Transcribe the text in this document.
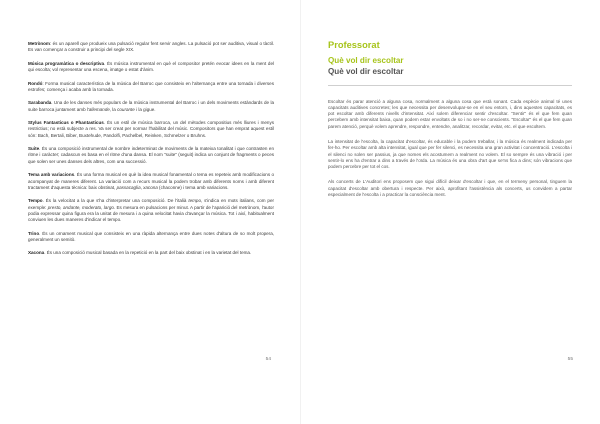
Metrònom: és un aparell que produeix una pulsació regular fent servir angles. La pulsació pot ser auditiva, visual o tàctil. Es van començar a construir a principi del segle XIX.

Música programàtica o descriptiva. És música instrumental en què el compositor pretén evocar idees en la ment del qui escolta; vol representar una escena, imatge o estat d'ànim.

Rondó: Forma musical característica de la música del Barroc que consisteix en l'alternança entre una tornada i diverses estrofes; comença i acaba amb la tornada.

Sarabanda. Una de les danses més populars de la música instrumental del Barroc i un dels moviments estàndards de la suite barroca juntament amb l'allemande, la courante i la gigue.

Stylus Fantasticus o Phantasticus. És un estil de música barroca, un del mètodes compositius més lliures i menys restrictius; no està subjecte a res. Va ser creat per normar l'habilitat del músic. Compositors que han emprat aquest estil són: Bach, Bertali, Biber, Buxtehude, Pandolfi, Pachelbel, Reinken, Schmelzer o Bruhns.

Suite. És una composició instrumental de nombre indeterminat de moviments de la mateixa tonalitat i que contrasten en ritme i caràcter; cadascun es basa en el ritme d'una dansa. El nom "suite" (seguit) indica un conjunt de fragments o peces que solen ser unes danses dels altres, com una successió.

Tema amb variacions. És una forma musical en què la idea musical fonamental o tema es repeteix amb modificacions o acompanyat de maneres diferent. La variació com a recurs musical la podem trobar amb diferents noms i amb diferent tractament d'aquesta tècnica: baix obstinat, passacaglia, xacona (chaconne) i tema amb variacions.

Tempo. És la velocitat a la que s'ha d'interpretar una composició. De l'italià tempo, s'indica en mots italians, com per exemple: presto, andante, moderato, largo. Es mesura en pulsacions per minut. A partir de l'aparició del metrònom, l'autor podia expressar quina figura era la unitat de mesura i a quina velocitat havia d'avançar la música. Tot i així, habitualment conviuen les dues maneres d'indicar el tempo.

Trino. És un ornament musical que consisteix en una ràpida alternança entre dues notes d'altura de so molt propera, generalment un semitò.

Xacona. És una composició musical basada en la repetició en la part del baix obstinat i en la varietat del tema.

54
Professorat
Què vol dir escoltar
Què vol dir escoltar

Escoltar és parar atenció a alguna cosa, normalment a alguna cosa que està sonant. Cada espècie animal té unes capacitats auditives concretes; les que necessita per desenvolupar-se en el seu entorn, i, dins aquestes capacitats, es pot escoltar amb diferents nivells d'intensitat. Així solem diferenciar sentir d'escoltar. "Sentir" és el que fem quan percebem amb intensitat baixa, quan podem estar envoltats de so i no ser-ne conscients. "Escoltar" és el que fem quan parem atenció, perquè volem aprendre, respondre, entendre, analitzar, recordar, evitar, etc. el que escoltem.

La intensitat de l'escolta, la capacitat d'escoltar, és educable i la podem treballar, i la música és realment indicada per fer-ho. Per escoltar amb alta intensitat, igual que per fer silenci, es necessita una gran activitat i concentració. L'escolta i el silenci no solen ser passius, ja que nomes els acostumem a realment no volem. El so sempre és una vibració i per sentir-lo ens ha d'entrar a dins a través de l'oïda. La música és una obra d'art que se'ns fica a dins; són vibracions que podem percebre per tot el cos.

Als concerts de L'Auditori ens proposem que sigui difícil deixar d'escoltar i que, en el termeny personal, tinguem la capacitat d'escoltar amb obertura i respecte. Per això, aprofitant l'assistència als concerts, us convidem a partar especialment de l'escolta i a practicar la consciència ment.

55
